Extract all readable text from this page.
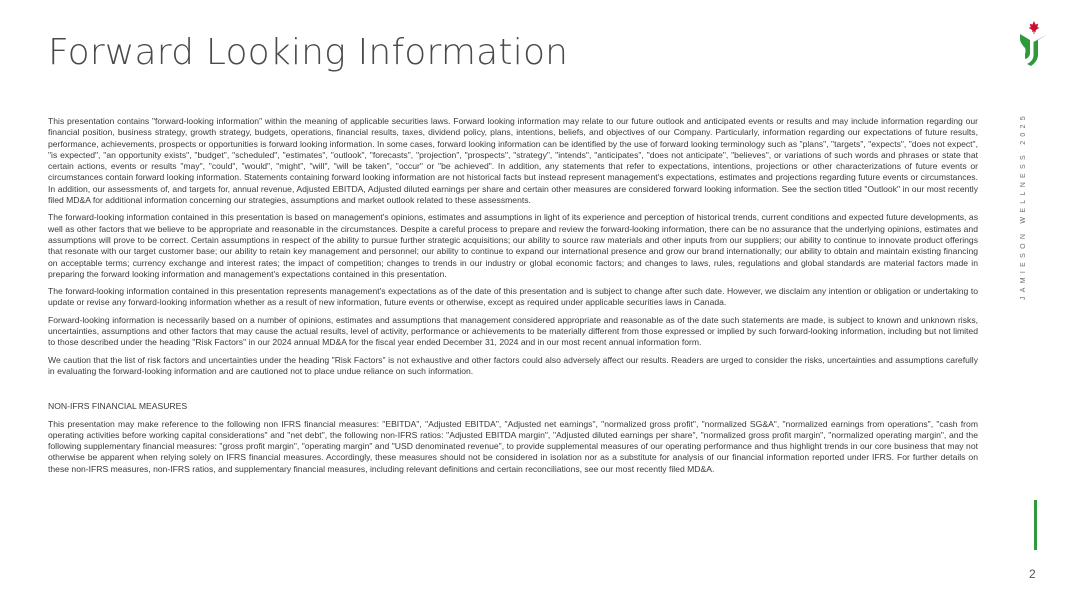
Forward Looking Information

This presentation contains "forward-looking information" within the meaning of applicable securities laws. Forward looking information may relate to our future outlook and anticipated events or results and may include information regarding our financial position, business strategy, growth strategy, budgets, operations, financial results, taxes, dividend policy, plans, intentions, beliefs, and objectives of our Company. Particularly, information regarding our expectations of future results, performance, achievements, prospects or opportunities is forward looking information. In some cases, forward looking information can be identified by the use of forward looking terminology such as "plans", "targets", "expects", "does not expect", "is expected", "an opportunity exists", "budget", "scheduled", "estimates", "outlook", "forecasts", "projection", "prospects", "strategy", "intends", "anticipates", "does not anticipate", "believes", or variations of such words and phrases or state that certain actions, events or results "may", "could", "would", "might", "will", "will be taken", "occur" or "be achieved". In addition, any statements that refer to expectations, intentions, projections or other characterizations of future events or circumstances contain forward looking information. Statements containing forward looking information are not historical facts but instead represent management's expectations, estimates and projections regarding future events or circumstances. In addition, our assessments of, and targets for, annual revenue, Adjusted EBITDA, Adjusted diluted earnings per share and certain other measures are considered forward looking information. See the section titled "Outlook" in our most recently filed MD&A for additional information concerning our strategies, assumptions and market outlook related to these assessments.

The forward-looking information contained in this presentation is based on management's opinions, estimates and assumptions in light of its experience and perception of historical trends, current conditions and expected future developments, as well as other factors that we believe to be appropriate and reasonable in the circumstances. Despite a careful process to prepare and review the forward-looking information, there can be no assurance that the underlying opinions, estimates and assumptions will prove to be correct. Certain assumptions in respect of the ability to pursue further strategic acquisitions; our ability to source raw materials and other inputs from our suppliers; our ability to continue to innovate product offerings that resonate with our target customer base; our ability to retain key management and personnel; our ability to continue to expand our international presence and grow our brand internationally; our ability to obtain and maintain existing financing on acceptable terms; currency exchange and interest rates; the impact of competition; changes to trends in our industry or global economic factors; and changes to laws, rules, regulations and global standards are material factors made in preparing the forward looking information and management's expectations contained in this presentation.

The forward-looking information contained in this presentation represents management's expectations as of the date of this presentation and is subject to change after such date. However, we disclaim any intention or obligation or undertaking to update or revise any forward-looking information whether as a result of new information, future events or otherwise, except as required under applicable securities laws in Canada.

Forward-looking information is necessarily based on a number of opinions, estimates and assumptions that management considered appropriate and reasonable as of the date such statements are made, is subject to known and unknown risks, uncertainties, assumptions and other factors that may cause the actual results, level of activity, performance or achievements to be materially different from those expressed or implied by such forward-looking information, including but not limited to those described under the heading "Risk Factors" in our 2024 annual MD&A for the fiscal year ended December 31, 2024 and in our most recent annual information form.

We caution that the list of risk factors and uncertainties under the heading "Risk Factors" is not exhaustive and other factors could also adversely affect our results. Readers are urged to consider the risks, uncertainties and assumptions carefully in evaluating the forward-looking information and are cautioned not to place undue reliance on such information.

NON-IFRS FINANCIAL MEASURES

This presentation may make reference to the following non IFRS financial measures: "EBITDA", "Adjusted EBITDA", "Adjusted net earnings", "normalized gross profit", "normalized SG&A", "normalized earnings from operations", "cash from operating activities before working capital considerations" and "net debt", the following non-IFRS ratios: "Adjusted EBITDA margin", "Adjusted diluted earnings per share", "normalized gross profit margin", "normalized operating margin", and the following supplementary financial measures: "gross profit margin", "operating margin" and "USD denominated revenue", to provide supplemental measures of our operating performance and thus highlight trends in our core business that may not otherwise be apparent when relying solely on IFRS financial measures. Accordingly, these measures should not be considered in isolation nor as a substitute for analysis of our financial information reported under IFRS. For further details on these non-IFRS measures, non-IFRS ratios, and supplementary financial measures, including relevant definitions and certain reconciliations, see our most recently filed MD&A.

JAMIESON WELLNESS 2025
2
